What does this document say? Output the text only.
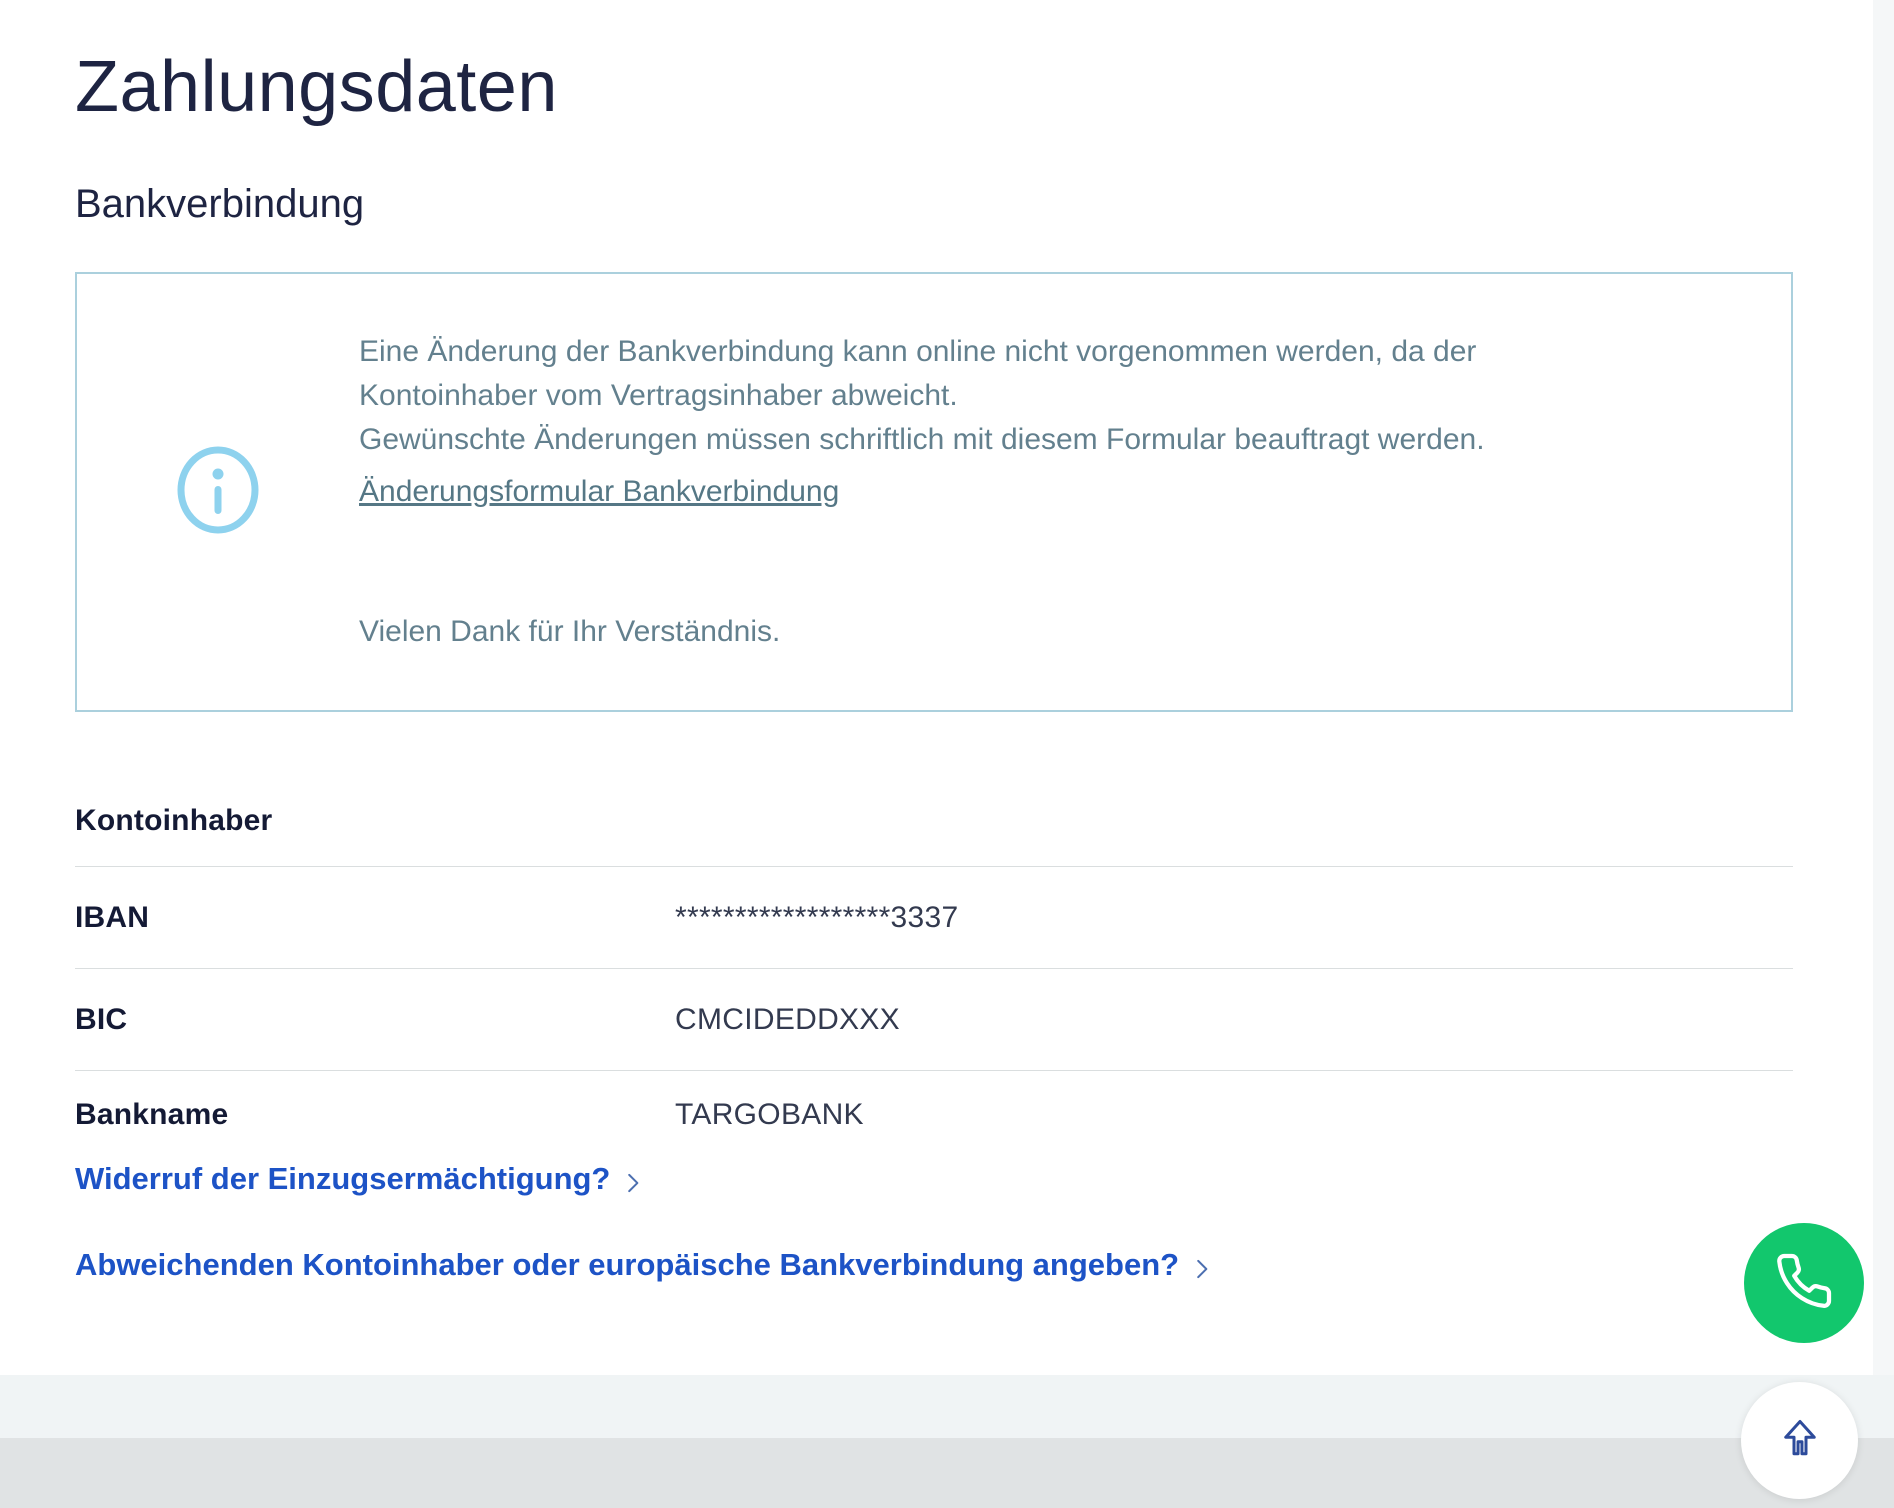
Zahlungsdaten
Bankverbindung

Eine Änderung der Bankverbindung kann online nicht vorgenommen werden, da der Kontoinhaber vom Vertragsinhaber abweicht.

Gewünschte Änderungen müssen schriftlich mit diesem Formular beauftragt werden.

Änderungsformular Bankverbindung

Vielen Dank für Ihr Verständnis.

Kontoinhaber
IBAN	******************3337
BIC	CMCIDEDDXXX
Bankname	TARGOBANK
Widerruf der Einzugsermächtigung?
Abweichenden Kontoinhaber oder europäische Bankverbindung angeben?
